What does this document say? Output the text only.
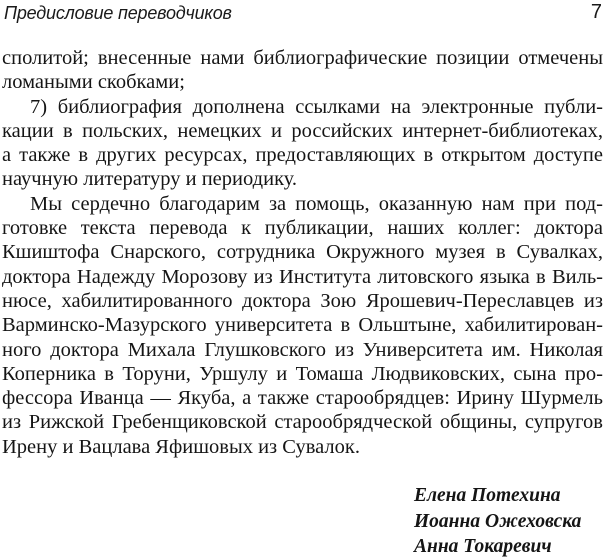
Предисловие переводчиков	7
сполитой; внесенные нами библиографические позиции отмечены
ломаными скобками;
7) библиография дополнена ссылками на электронные публи-
кации в польских, немецких и российских интернет-библиотеках,
а также в других ресурсах, предоставляющих в открытом доступе
научную литературу и периодику.
Мы сердечно благодарим за помощь, оказанную нам при под-
готовке текста перевода к публикации, наших коллег: доктора
Кшиштофа Снарского, сотрудника Окружного музея в Сувалках,
доктора Надежду Морозову из Института литовского языка в Виль-
нюсе, хабилитированного доктора Зою Ярошевич-Переславцев из
Варминско-Мазурского университета в Ольштыне, хабилитирован-
ного доктора Михала Глушковского из Университета им. Николая
Коперника в Торуни, Уршулу и Томаша Людвиковских, сына про-
фессора Иванца — Якуба, а также старообрядцев: Ирину Шурмель
из Рижской Гребенщиковской старообрядческой общины, супругов
Ирену и Вацлава Яфишовых из Сувалок.
Елена Потехина
Иоанна Ожеховска
Анна Токаревич
